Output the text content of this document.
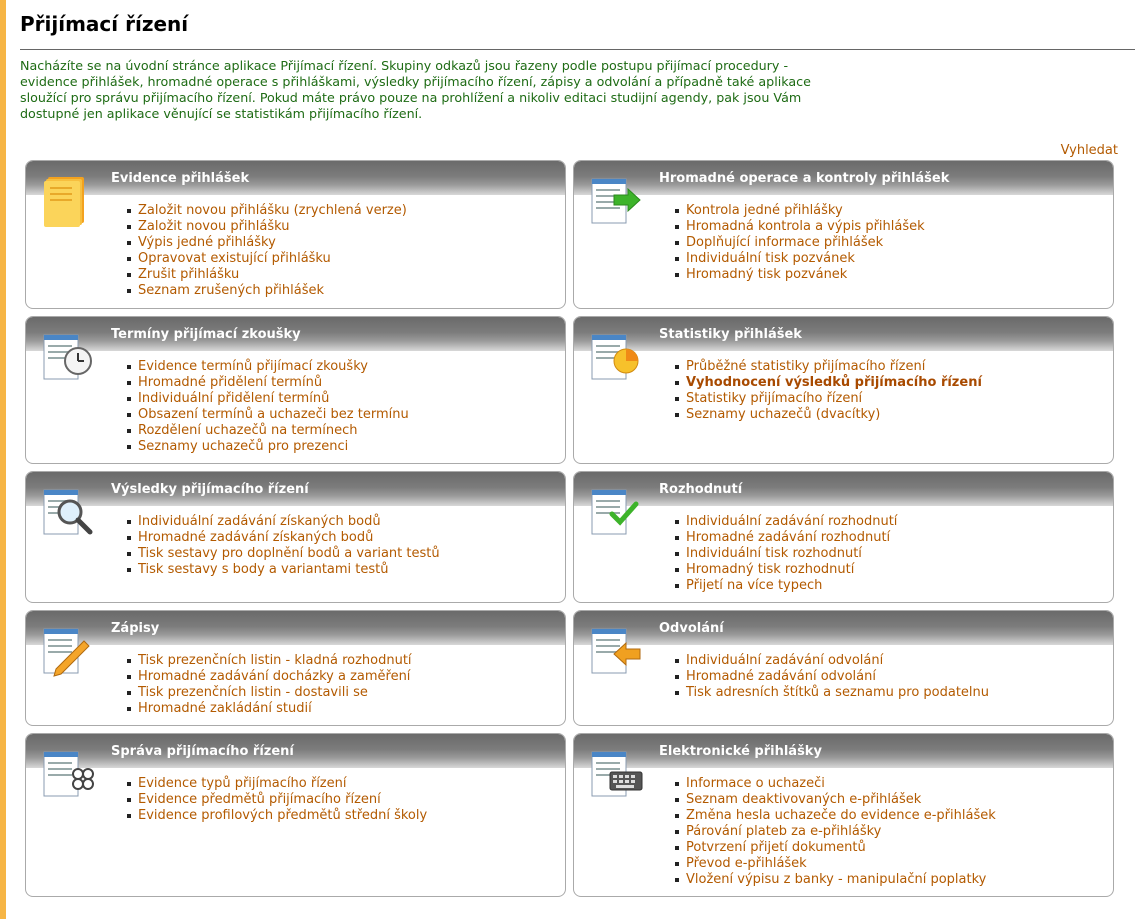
Přijímací řízení

Nacházíte se na úvodní stránce aplikace Přijímací řízení. Skupiny odkazů jsou řazeny podle postupu přijímací procedury - evidence přihlášek, hromadné operace s přihláškami, výsledky přijímacího řízení, zápisy a odvolání a případně také aplikace sloužící pro správu přijímacího řízení. Pokud máte právo pouze na prohlížení a nikoliv editaci studijní agendy, pak jsou Vám dostupné jen aplikace věnující se statistikám přijímacího řízení.

Vyhledat
Evidence přihlášek
Založit novou přihlášku (zrychlená verze)
Založit novou přihlášku
Výpis jedné přihlášky
Opravovat existující přihlášku
Zrušit přihlášku
Seznam zrušených přihlášek
Hromadné operace a kontroly přihlášek
Kontrola jedné přihlášky
Hromadná kontrola a výpis přihlášek
Doplňující informace přihlášek
Individuální tisk pozvánek
Hromadný tisk pozvánek
Termíny přijímací zkoušky
Evidence termínů přijímací zkoušky
Hromadné přidělení termínů
Individuální přidělení termínů
Obsazení termínů a uchazeči bez termínu
Rozdělení uchazečů na termínech
Seznamy uchazečů pro prezenci
Statistiky přihlášek
Průběžné statistiky přijímacího řízení
Vyhodnocení výsledků přijímacího řízení
Statistiky přijímacího řízení
Seznamy uchazečů (dvacítky)
Výsledky přijímacího řízení
Individuální zadávání získaných bodů
Hromadné zadávání získaných bodů
Tisk sestavy pro doplnění bodů a variant testů
Tisk sestavy s body a variantami testů
Rozhodnutí
Individuální zadávání rozhodnutí
Hromadné zadávání rozhodnutí
Individuální tisk rozhodnutí
Hromadný tisk rozhodnutí
Přijetí na více typech
Zápisy
Tisk prezenčních listin - kladná rozhodnutí
Hromadné zadávání docházky a zaměření
Tisk prezenčních listin - dostavili se
Hromadné zakládání studií
Odvolání
Individuální zadávání odvolání
Hromadné zadávání odvolání
Tisk adresních štítků a seznamu pro podatelnu
Správa přijímacího řízení
Evidence typů přijímacího řízení
Evidence předmětů přijímacího řízení
Evidence profilových předmětů střední školy
Elektronické přihlášky
Informace o uchazeči
Seznam deaktivovaných e-přihlášek
Změna hesla uchazeče do evidence e-přihlášek
Párování plateb za e-přihlášky
Potvrzení přijetí dokumentů
Převod e-přihlášek
Vložení výpisu z banky - manipulační poplatky
